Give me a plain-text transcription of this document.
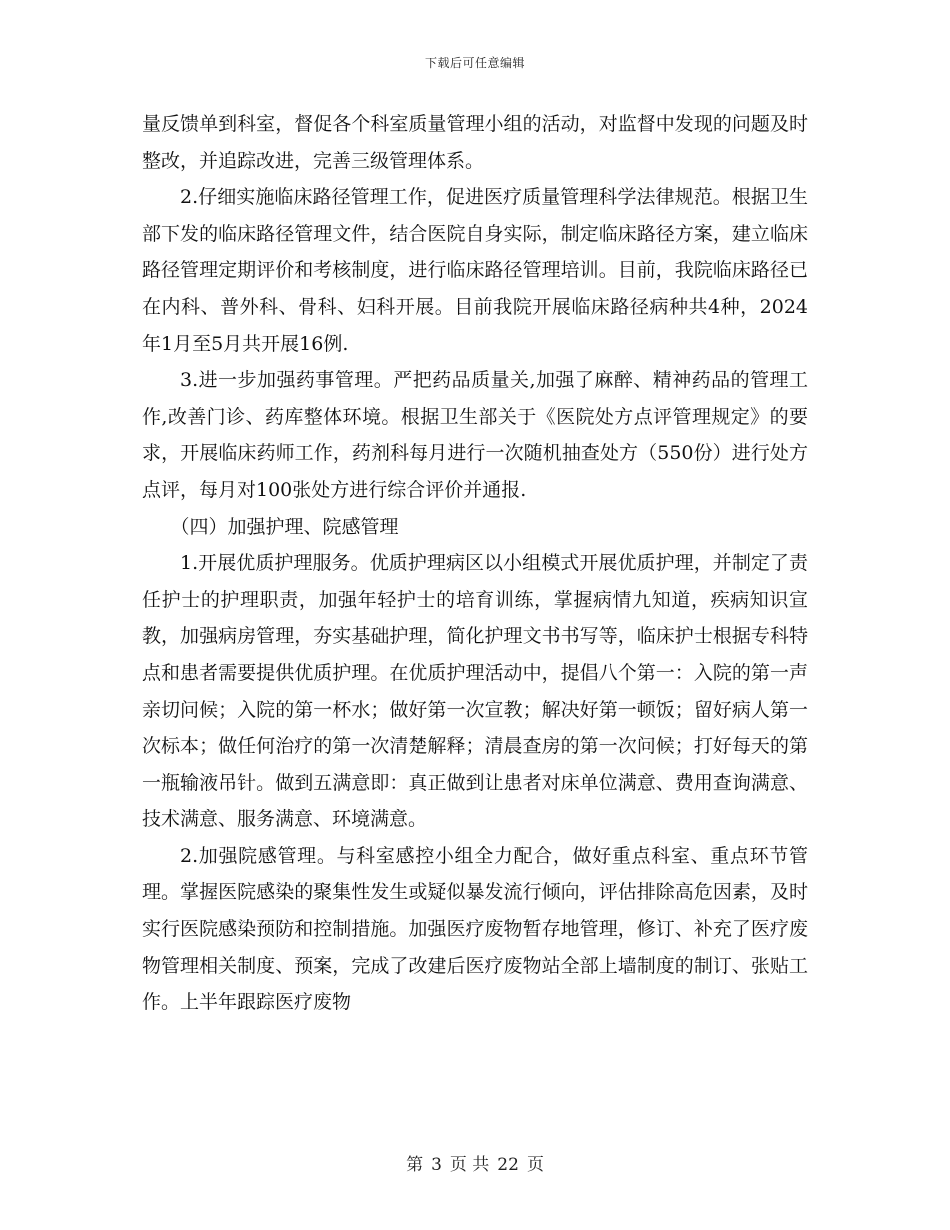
下载后可任意编辑

量反馈单到科室，督促各个科室质量管理小组的活动，对监督中发现的问题及时整改，并追踪改进，完善三级管理体系。

2.仔细实施临床路径管理工作，促进医疗质量管理科学法律规范。根据卫生部下发的临床路径管理文件，结合医院自身实际，制定临床路径方案，建立临床路径管理定期评价和考核制度，进行临床路径管理培训。目前，我院临床路径已在内科、普外科、骨科、妇科开展。目前我院开展临床路径病种共4种，2024年1月至5月共开展16例.

3.进一步加强药事管理。严把药品质量关,加强了麻醉、精神药品的管理工作,改善门诊、药库整体环境。根据卫生部关于《医院处方点评管理规定》的要求，开展临床药师工作，药剂科每月进行一次随机抽查处方（550份）进行处方点评，每月对100张处方进行综合评价并通报.

（四）加强护理、院感管理

1.开展优质护理服务。优质护理病区以小组模式开展优质护理，并制定了责任护士的护理职责，加强年轻护士的培育训练，掌握病情九知道，疾病知识宣教，加强病房管理，夯实基础护理，简化护理文书书写等，临床护士根据专科特点和患者需要提供优质护理。在优质护理活动中，提倡八个第一：入院的第一声亲切问候；入院的第一杯水；做好第一次宣教；解决好第一顿饭；留好病人第一次标本；做任何治疗的第一次清楚解释；清晨查房的第一次问候；打好每天的第一瓶输液吊针。做到五满意即：真正做到让患者对床单位满意、费用查询满意、技术满意、服务满意、环境满意。

2.加强院感管理。与科室感控小组全力配合，做好重点科室、重点环节管理。掌握医院感染的聚集性发生或疑似暴发流行倾向，评估排除高危因素，及时实行医院感染预防和控制措施。加强医疗废物暂存地管理，修订、补充了医疗废物管理相关制度、预案，完成了改建后医疗废物站全部上墙制度的制订、张贴工作。上半年跟踪医疗废物

第 3 页 共 22 页
